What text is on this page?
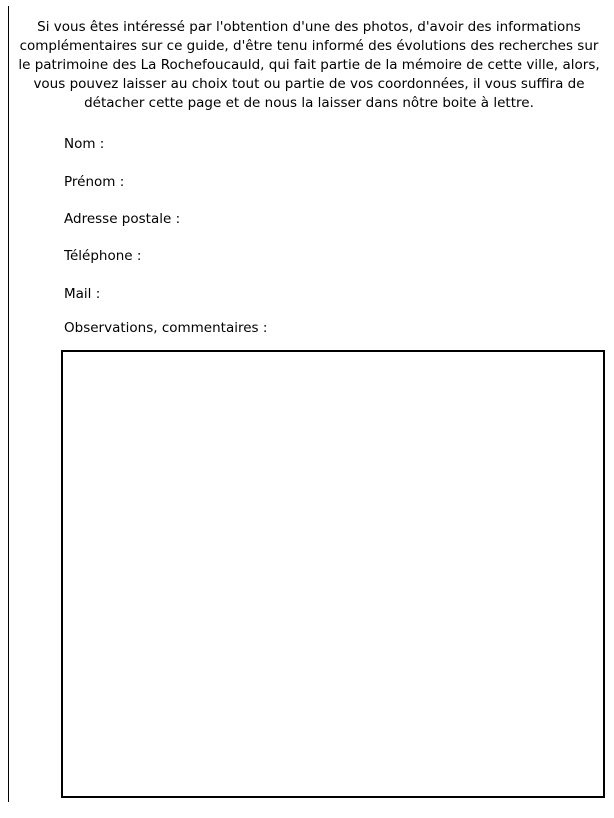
Si vous êtes intéressé par l'obtention d'une des photos, d'avoir des informations complémentaires sur ce guide, d'être tenu informé des évolutions des recherches sur le patrimoine des La Rochefoucauld, qui fait partie de la mémoire de cette ville, alors, vous pouvez laisser au choix tout ou partie de vos coordonnées, il vous suffira de détacher cette page et de nous la laisser dans nôtre boite à lettre.

Nom :

Prénom :

Adresse postale :

Téléphone :

Mail :

Observations, commentaires :
